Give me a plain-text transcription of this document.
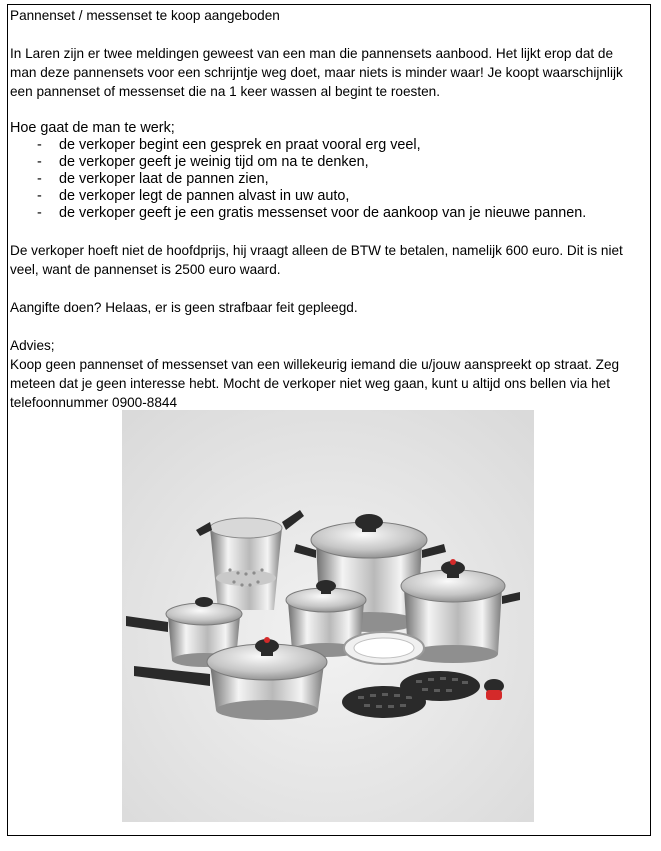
Pannenset / messenset te koop aangeboden

In Laren zijn er twee meldingen geweest van een man die pannensets aanbood. Het lijkt erop dat de

man deze pannensets voor een schrijntje weg doet, maar niets is minder waar! Je koopt waarschijnlijk

een pannenset of messenset die na 1 keer wassen al begint te roesten.

Hoe gaat de man te werk;

- de verkoper begint een gesprek en praat vooral erg veel,
- de verkoper geeft je weinig tijd om na te denken,
- de verkoper laat de pannen zien,
- de verkoper legt de pannen alvast in uw auto,
- de verkoper geeft je een gratis messenset voor de aankoop van je nieuwe pannen.

De verkoper hoeft niet de hoofdprijs, hij vraagt alleen de BTW te betalen, namelijk 600 euro. Dit is niet

veel, want de pannenset is 2500 euro waard.

Aangifte doen? Helaas, er is geen strafbaar feit gepleegd.

Advies;

Koop geen pannenset of messenset van een willekeurig iemand die u/jouw aanspreekt op straat. Zeg

meteen dat je geen interesse hebt. Mocht de verkoper niet weg gaan, kunt u altijd ons bellen via het

telefoonnummer 0900-8844
